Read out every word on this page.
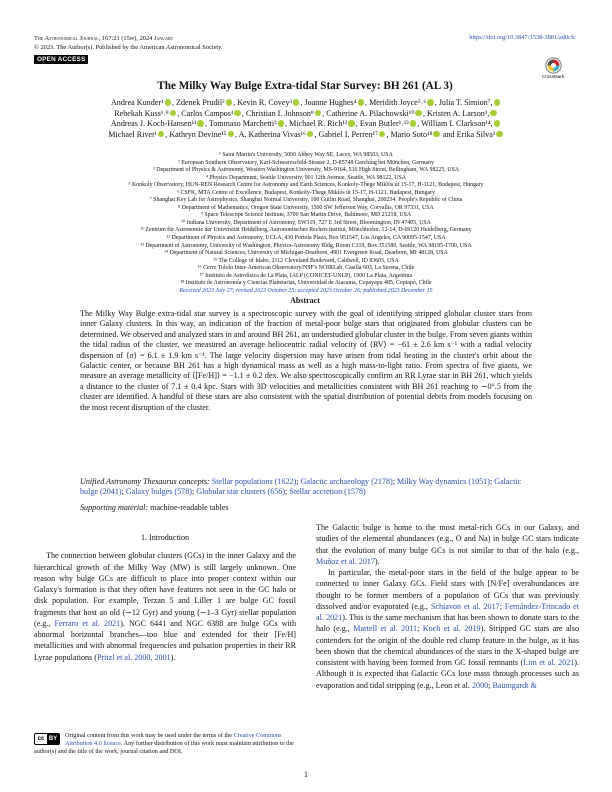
The Astronomical Journal, 167:21 (15pp), 2024 January
© 2023. The Author(s). Published by the American Astronomical Society.
https://doi.org/10.3847/1538-3881/ad0cfc
OPEN ACCESS
CrossMark
The Milky Way Bulge Extra-tidal Star Survey: BH 261 (AL 3)
Andrea Kunder¹ , Zdenek Prudil² , Kevin R. Covey³ , Joanne Hughes⁴ , Meridith Joyce⁵˒⁶ , Julia T. Simion⁷,
Rebekah Kuss¹˒⁸ , Carlos Campos¹ , Christian I. Johnson⁹ , Catherine A. Pilachowski¹⁰ , Kristen A. Larson³,
Andreas J. Koch-Hansen¹¹ , Tommaso Marchetti² , Michael R. Rich¹² , Evan Butler¹˒¹³ , William I. Clarkson¹⁴,
Michael Rivet¹ , Kathryn Devine¹⁵ , A. Katherina Vivas¹⁶ , Gabriel I. Perren¹⁷ , Mario Soto¹⁸ and Erika Silva³
¹ Saint Martin's University, 5000 Abbey Way SE, Lacey, WA 98503, USA
² European Southern Observatory, Karl-Schwarzschild-Strasse 2, D-85748 Garching bei München, Germany
³ Department of Physics & Astronomy, Western Washington University, MS-9164, 516 High Street, Bellingham, WA 98225, USA
⁴ Physics Department, Seattle University, 901 12th Avenue, Seattle, WA 98122, USA
⁵ Konkoly Observatory, HUN-REN Research Centre for Astronomy and Earth Sciences, Konkoly-Thege Miklós út 15-17, H-1121, Budapest, Hungary
⁶ CSFK, MTA Centre of Excellence, Budapest, Konkoly-Thege Miklós út 15-17, H-1121, Budapest, Hungary
⁷ Shanghai Key Lab for Astrophysics, Shanghai Normal University, 100 Guilin Road, Shanghai, 200234, People's Republic of China
⁸ Department of Mathematics, Oregon State University, 1500 SW Jefferson Way, Corvallis, OR 97331, USA
⁹ Space Telescope Science Institute, 3700 San Martin Drive, Baltimore, MD 21218, USA
¹⁰ Indiana University, Department of Astronomy, SW319, 727 E 3rd Street, Bloomington, IN 47405, USA
¹¹ Zentrum für Astronomie der Universität Heidelberg, Astronomisches Rechen-Institut, Mönchhofstr. 12-14, D-69120 Heidelberg, Germany
¹² Department of Physics and Astronomy, UCLA, 430 Portola Plaza, Box 951547, Los Angeles, CA 90095-1547, USA
¹³ Department of Astronomy, University of Washington, Physics-Astronomy Bldg, Room C319, Box 351580, Seattle, WA 98195-1700, USA
¹⁴ Department of Natural Sciences, University of Michigan-Dearborn, 4901 Evergreen Road, Dearborn, MI 48128, USA
¹⁵ The College of Idaho, 2112 Cleveland Boulevard, Caldwell, ID 83605, USA
¹⁶ Cerro Tololo Inter-American Observatory/NSF's NOIRLab, Casilla 603, La Serena, Chile
¹⁷ Instituto de Astrofísica de La Plata, IALP (CONICET-UNLP), 1900 La Plata, Argentina
¹⁸ Instituto de Astronomía y Ciencias Planetarias, Universidad de Atacama, Copayapu 485, Copiapó, Chile
Received 2023 July 27; revised 2023 October 25; accepted 2023 October 26; published 2023 December 15
Abstract
The Milky Way Bulge extra-tidal star survey is a spectroscopic survey with the goal of identifying stripped globular cluster stars from inner Galaxy clusters. In this way, an indication of the fraction of metal-poor bulge stars that originated from globular clusters can be determined. We observed and analyzed stars in and around BH 261, an understudied globular cluster in the bulge. From seven giants within the tidal radius of the cluster, we measured an average heliocentric radial velocity of ⟨RV⟩ = −61 ± 2.6 km s⁻¹ with a radial velocity dispersion of ⟨σ⟩ = 6.1 ± 1.9 km s⁻¹. The large velocity dispersion may have arisen from tidal heating in the cluster's orbit about the Galactic center, or because BH 261 has a high dynamical mass as well as a high mass-to-light ratio. From spectra of five giants, we measure an average metallicity of ⟨[Fe/H]⟩ = −1.1 ± 0.2 dex. We also spectroscopically confirm an RR Lyrae star in BH 261, which yields a distance to the cluster of 7.1 ± 0.4 kpc. Stars with 3D velocities and metallicities consistent with BH 261 reaching to ∼0°.5 from the cluster are identified. A handful of these stars are also consistent with the spatial distribution of potential debris from models focusing on the most recent disruption of the cluster.
Unified Astronomy Thesaurus concepts: Stellar populations (1622); Galactic archaeology (2178); Milky Way dynamics (1051); Galactic bulge (2041); Galaxy bulges (578); Globular star clusters (656); Stellar accretion (1578)
Supporting material: machine-readable tables
1. Introduction
The connection between globular clusters (GCs) in the inner Galaxy and the hierarchical growth of the Milky Way (MW) is still largely unknown. One reason why bulge GCs are difficult to place into proper context within our Galaxy's formation is that they often have features not seen in the GC halo or disk population. For example, Terzan 5 and Liller 1 are bulge GC fossil fragments that host an old (∼12 Gyr) and young (∼1–3 Gyr) stellar population (e.g., Ferraro et al. 2021). NGC 6441 and NGC 6388 are bulge GCs with abnormal horizontal branches—too blue and extended for their [Fe/H] metallicities and with abnormal frequencies and pulsation properties in their RR Lyrae populations (Pritzl et al. 2000, 2001).
The Galactic bulge is home to the most metal-rich GCs in our Galaxy, and studies of the elemental abundances (e.g., O and Na) in bulge GC stars indicate that the evolution of many bulge GCs is not similar to that of the halo (e.g., Muñoz et al. 2017).
In particular, the metal-poor stars in the field of the bulge appear to be connected to inner Galaxy GCs. Field stars with [N/Fe] overabundances are thought to be former members of a population of GCs that was previously dissolved and/or evaporated (e.g., Schiavon et al. 2017; Fernández-Trincado et al. 2021). This is the same mechanism that has been shown to donate stars to the halo (e.g., Martell et al. 2011; Koch et al. 2019). Stripped GC stars are also contenders for the origin of the double red clump feature in the bulge, as it has been shown that the chemical abundances of the stars in the X-shaped bulge are consistent with having been formed from GC fossil remnants (Lim et al. 2021). Although it is expected that Galactic GCs lose mass through processes such as evaporation and tidal stripping (e.g., Leon et al. 2000; Baumgardt &
cc BY Original content from this work may be used under the terms of the Creative Commons Attribution 4.0 licence. Any further distribution of this work must maintain attribution to the author(s) and the title of the work, journal citation and DOI.
1
